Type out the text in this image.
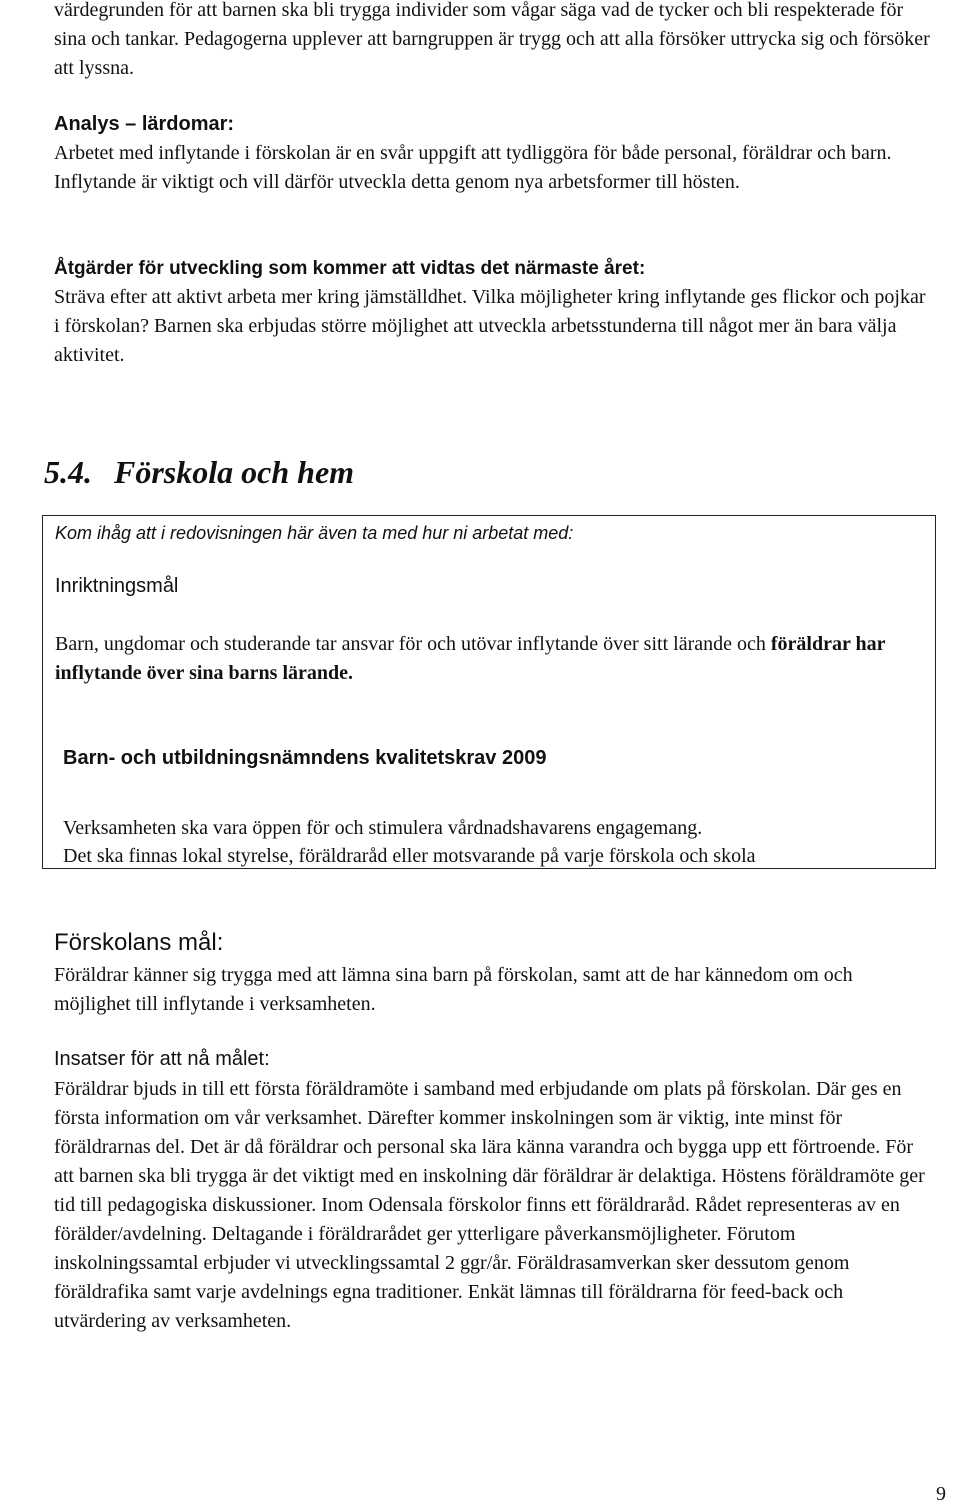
värdegrunden för att barnen ska bli trygga individer som vågar säga vad de tycker och bli respekterade för sina och tankar. Pedagogerna upplever att barngruppen är trygg och att alla försöker uttrycka sig och försöker att lyssna.

Analys – lärdomar:

Arbetet med inflytande i förskolan är en svår uppgift att tydliggöra för både personal, föräldrar och barn. Inflytande är viktigt och vill därför utveckla detta genom nya arbetsformer till hösten.

Åtgärder för utveckling som kommer att vidtas det närmaste året:

Sträva efter att aktivt arbeta mer kring jämställdhet. Vilka möjligheter kring inflytande ges flickor och pojkar i förskolan? Barnen ska erbjudas större möjlighet att utveckla arbetsstunderna till något mer än bara välja aktivitet.

5.4. Förskola och hem

Kom ihåg att i redovisningen här även ta med hur ni arbetat med:

Inriktningsmål

Barn, ungdomar och studerande tar ansvar för och utövar inflytande över sitt lärande och föräldrar har inflytande över sina barns lärande.

Barn- och utbildningsnämndens kvalitetskrav 2009

Verksamheten ska vara öppen för och stimulera vårdnadshavarens engagemang.

Det ska finnas lokal styrelse, föräldraråd eller motsvarande på varje förskola och skola

Förskolans mål:

Föräldrar känner sig trygga med att lämna sina barn på förskolan, samt att de har kännedom om och möjlighet till inflytande i verksamheten.

Insatser för att nå målet:

Föräldrar bjuds in till ett första föräldramöte i samband med erbjudande om plats på förskolan. Där ges en första information om vår verksamhet. Därefter kommer inskolningen som är viktig, inte minst för föräldrarnas del. Det är då föräldrar och personal ska lära känna varandra och bygga upp ett förtroende. För att barnen ska bli trygga är det viktigt med en inskolning där föräldrar är delaktiga. Höstens föräldramöte ger tid till pedagogiska diskussioner. Inom Odensala förskolor finns ett föräldraråd. Rådet representeras av en förälder/avdelning. Deltagande i föräldrarådet ger ytterligare påverkansmöjligheter. Förutom inskolningssamtal erbjuder vi utvecklingssamtal 2 ggr/år. Föräldrasamverkan sker dessutom genom föräldrafika samt varje avdelnings egna traditioner. Enkät lämnas till föräldrarna för feed-back och utvärdering av verksamheten.

9
